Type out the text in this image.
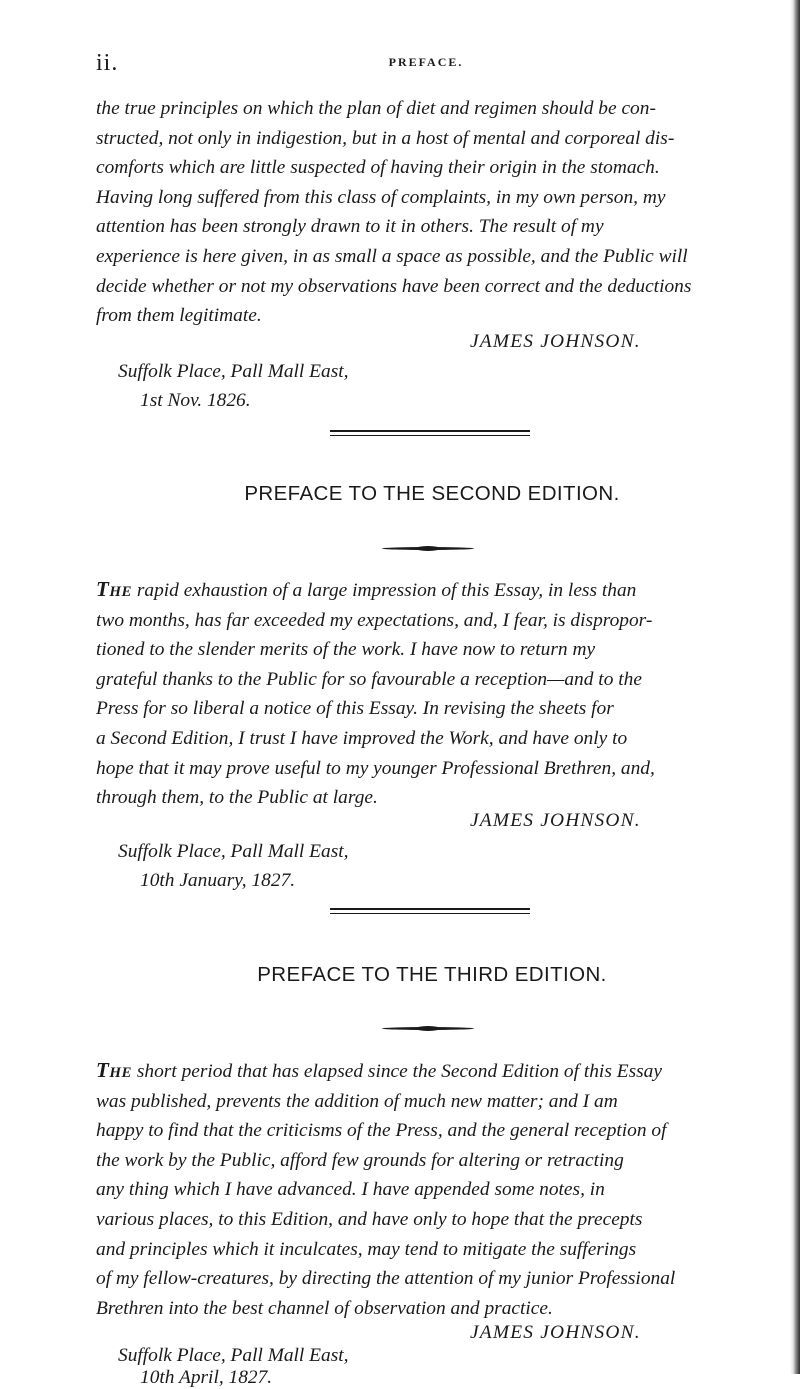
ii.	PREFACE.

the true principles on which the plan of diet and regimen should be con-
structed, not only in indigestion, but in a host of mental and corporeal dis-
comforts which are little suspected of having their origin in the stomach.
Having long suffered from this class of complaints, in my own person, my
attention has been strongly drawn to it in others. The result of my
experience is here given, in as small a space as possible, and the Public will
decide whether or not my observations have been correct and the deductions
from them legitimate.

JAMES JOHNSON.
Suffolk Place, Pall Mall East,
1st Nov. 1826.
PREFACE TO THE SECOND EDITION.

The rapid exhaustion of a large impression of this Essay, in less than
two months, has far exceeded my expectations, and, I fear, is dispropor-
tioned to the slender merits of the work. I have now to return my
grateful thanks to the Public for so favourable a reception—and to the
Press for so liberal a notice of this Essay. In revising the sheets for
a Second Edition, I trust I have improved the Work, and have only to
hope that it may prove useful to my younger Professional Brethren, and,
through them, to the Public at large.

JAMES JOHNSON.
Suffolk Place, Pall Mall East,
10th January, 1827.
PREFACE TO THE THIRD EDITION.

The short period that has elapsed since the Second Edition of this Essay
was published, prevents the addition of much new matter; and I am
happy to find that the criticisms of the Press, and the general reception of
the work by the Public, afford few grounds for altering or retracting
any thing which I have advanced. I have appended some notes, in
various places, to this Edition, and have only to hope that the precepts
and principles which it inculcates, may tend to mitigate the sufferings
of my fellow-creatures, by directing the attention of my junior Professional
Brethren into the best channel of observation and practice.

JAMES JOHNSON.
Suffolk Place, Pall Mall East,
10th April, 1827.
